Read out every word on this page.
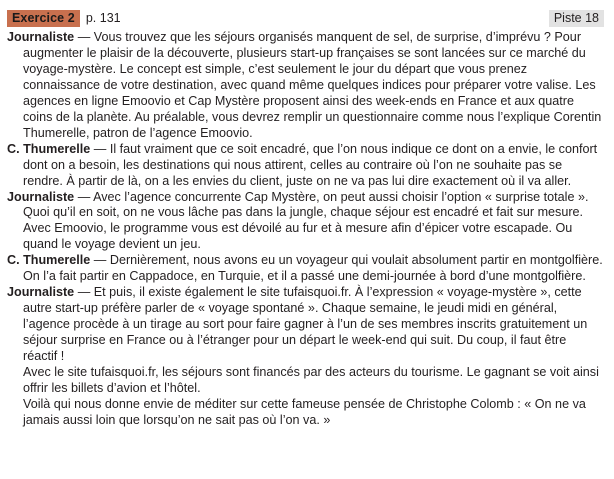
Exercice 2 p. 131	Piste 18

Journaliste — Vous trouvez que les séjours organisés manquent de sel, de surprise, d’imprévu ? Pour augmenter le plaisir de la découverte, plusieurs start-up françaises se sont lancées sur ce marché du voyage-mystère. Le concept est simple, c’est seulement le jour du départ que vous prenez connaissance de votre destination, avec quand même quelques indices pour préparer votre valise. Les agences en ligne Emoovio et Cap Mystère proposent ainsi des week-ends en France et aux quatre coins de la planète. Au préalable, vous devrez remplir un questionnaire comme nous l’explique Corentin Thumerelle, patron de l’agence Emoovio.

C. Thumerelle — Il faut vraiment que ce soit encadré, que l’on nous indique ce dont on a envie, le confort dont on a besoin, les destinations qui nous attirent, celles au contraire où l’on ne souhaite pas se rendre. À partir de là, on a les envies du client, juste on ne va pas lui dire exactement où il va aller.

Journaliste — Avec l’agence concurrente Cap Mystère, on peut aussi choisir l’option « surprise totale ». Quoi qu’il en soit, on ne vous lâche pas dans la jungle, chaque séjour est encadré et fait sur mesure. Avec Emoovio, le programme vous est dévoilé au fur et à mesure afin d’épicer votre escapade. Ou quand le voyage devient un jeu.

C. Thumerelle — Dernièrement, nous avons eu un voyageur qui voulait absolument partir en montgolfière. On l’a fait partir en Cappadoce, en Turquie, et il a passé une demi-journée à bord d’une montgolfière.

Journaliste — Et puis, il existe également le site tufaisquoi.fr. À l’expression « voyage-mystère », cette autre start-up préfère parler de « voyage spontané ». Chaque semaine, le jeudi midi en général, l’agence procède à un tirage au sort pour faire gagner à l’un de ses membres inscrits gratuitement un séjour surprise en France ou à l’étranger pour un départ le week-end qui suit. Du coup, il faut être réactif !

Avec le site tufaisquoi.fr, les séjours sont financés par des acteurs du tourisme. Le gagnant se voit ainsi offrir les billets d’avion et l’hôtel.

Voilà qui nous donne envie de méditer sur cette fameuse pensée de Christophe Colomb : « On ne va jamais aussi loin que lorsqu’on ne sait pas où l’on va. »
